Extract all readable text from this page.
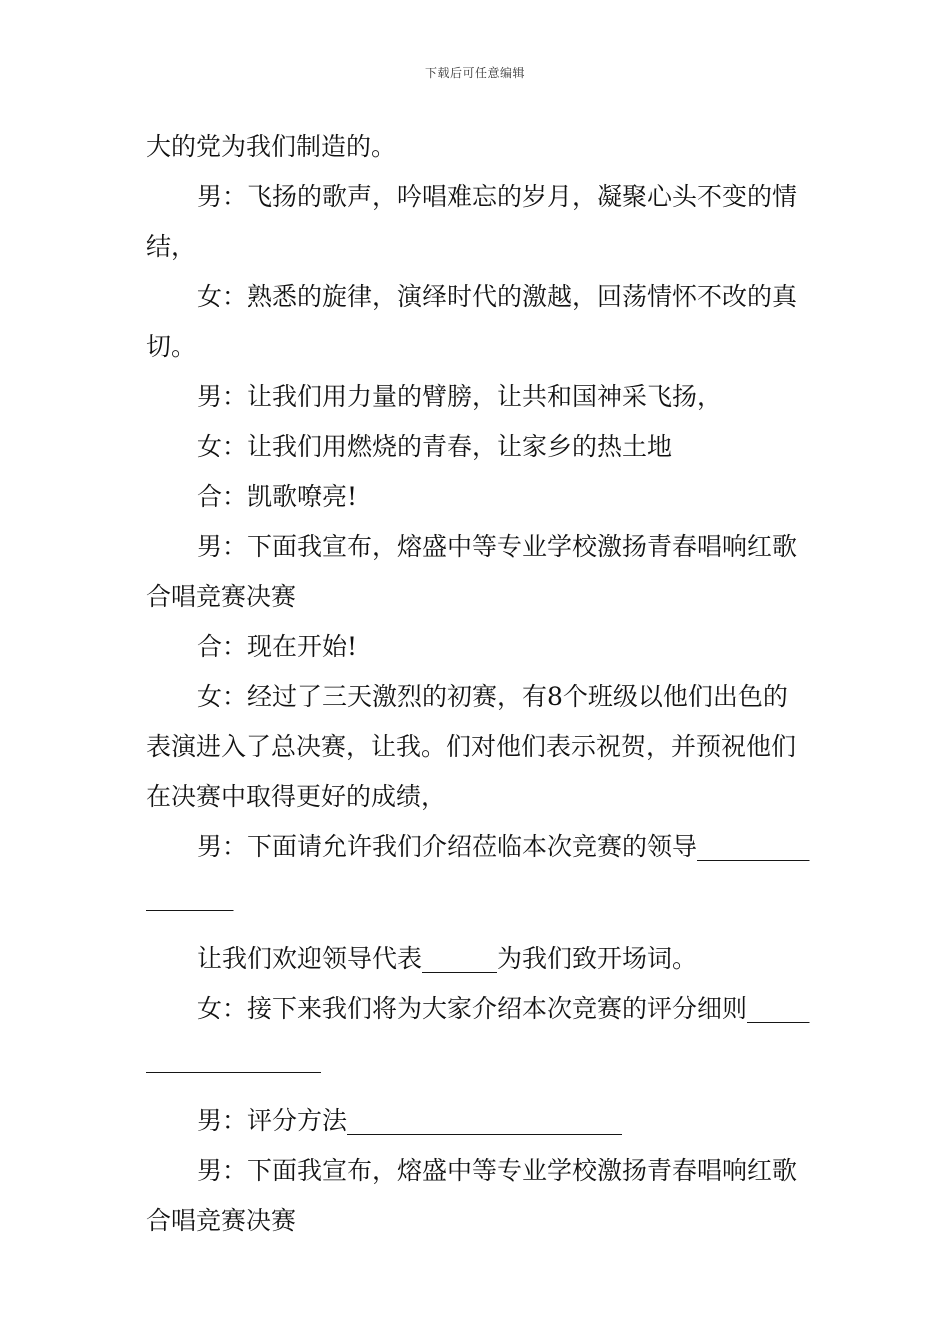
下载后可任意编辑

大的党为我们制造的。

男：飞扬的歌声，吟唱难忘的岁月，凝聚心头不变的情结，

女：熟悉的旋律，演绎时代的激越，回荡情怀不改的真切。

男：让我们用力量的臂膀，让共和国神采飞扬，

女：让我们用燃烧的青春，让家乡的热土地

合：凯歌嘹亮!

男：下面我宣布，熔盛中等专业学校激扬青春唱响红歌合唱竞赛决赛

合：现在开始!

女：经过了三天激烈的初赛，有8个班级以他们出色的表演进入了总决赛，让我。们对他们表示祝贺，并预祝他们在决赛中取得更好的成绩，

男：下面请允许我们介绍莅临本次竞赛的领导________________

让我们欢迎领导代表______为我们致开场词。

女：接下来我们将为大家介绍本次竞赛的评分细则___________________

男：评分方法______________________

男：下面我宣布，熔盛中等专业学校激扬青春唱响红歌合唱竞赛决赛
